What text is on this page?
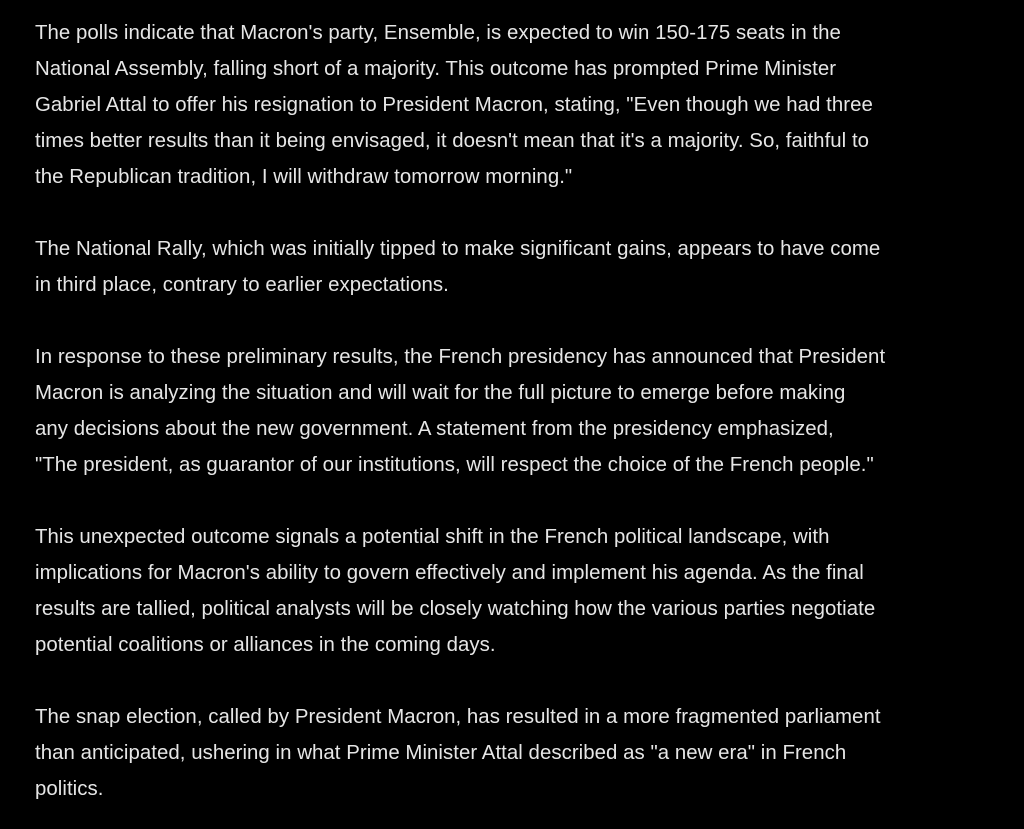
The polls indicate that Macron's party, Ensemble, is expected to win 150-175 seats in the
National Assembly, falling short of a majority. This outcome has prompted Prime Minister
Gabriel Attal to offer his resignation to President Macron, stating, "Even though we had three
times better results than it being envisaged, it doesn't mean that it's a majority. So, faithful to
the Republican tradition, I will withdraw tomorrow morning."

The National Rally, which was initially tipped to make significant gains, appears to have come
in third place, contrary to earlier expectations.

In response to these preliminary results, the French presidency has announced that President
Macron is analyzing the situation and will wait for the full picture to emerge before making
any decisions about the new government. A statement from the presidency emphasized,
"The president, as guarantor of our institutions, will respect the choice of the French people."

This unexpected outcome signals a potential shift in the French political landscape, with
implications for Macron's ability to govern effectively and implement his agenda. As the final
results are tallied, political analysts will be closely watching how the various parties negotiate
potential coalitions or alliances in the coming days.

The snap election, called by President Macron, has resulted in a more fragmented parliament
than anticipated, ushering in what Prime Minister Attal described as "a new era" in French
politics.
